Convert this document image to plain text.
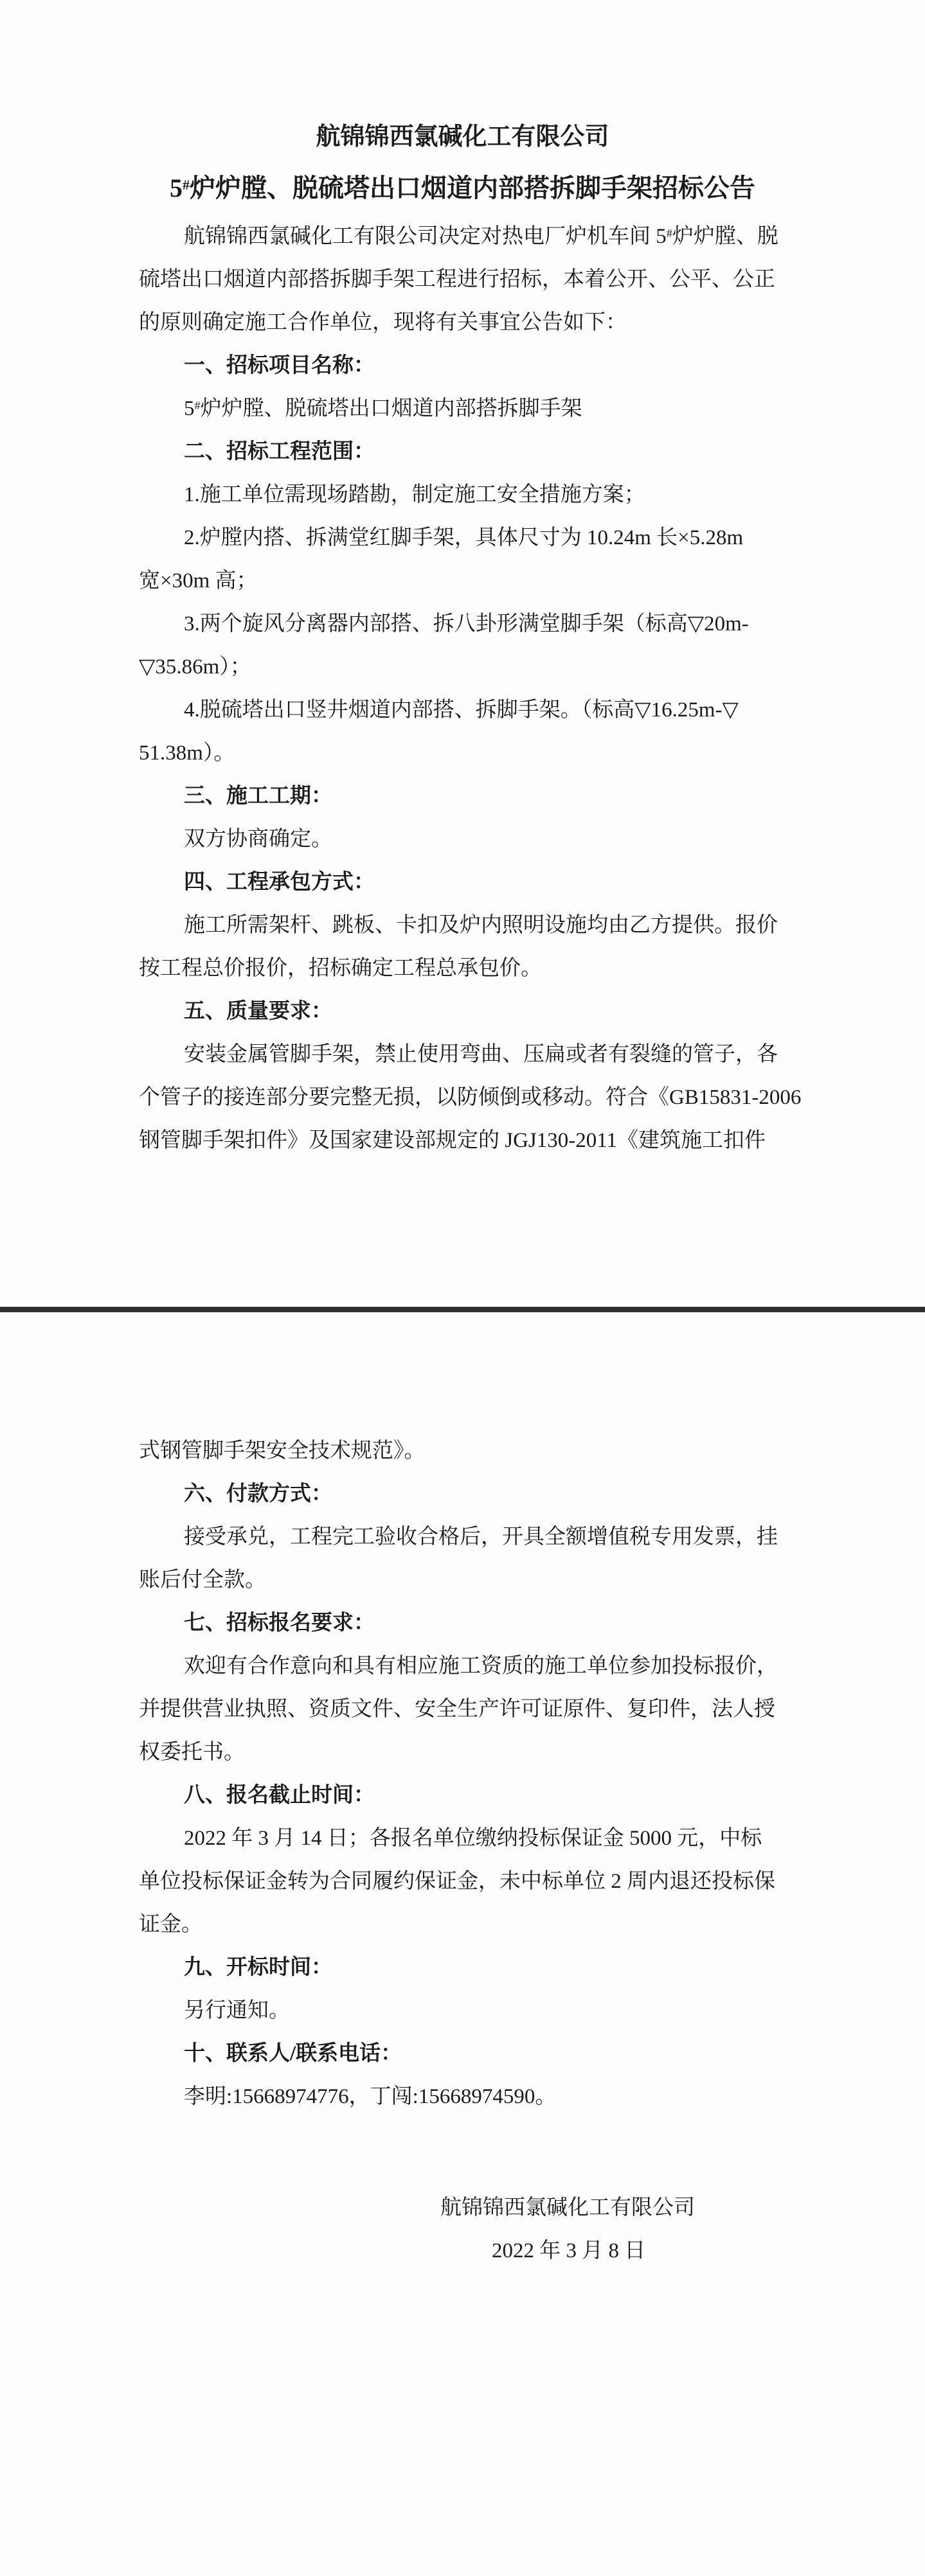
航锦锦西氯碱化工有限公司
5#炉炉膛、脱硫塔出口烟道内部搭拆脚手架招标公告
航锦锦西氯碱化工有限公司决定对热电厂炉机车间 5#炉炉膛、脱
硫塔出口烟道内部搭拆脚手架工程进行招标，本着公开、公平、公正
的原则确定施工合作单位，现将有关事宜公告如下：
一、招标项目名称：
5#炉炉膛、脱硫塔出口烟道内部搭拆脚手架
二、招标工程范围：
1.施工单位需现场踏勘，制定施工安全措施方案；
2.炉膛内搭、拆满堂红脚手架，具体尺寸为 10.24m 长×5.28m
宽×30m 高；
3.两个旋风分离器内部搭、拆八卦形满堂脚手架（标高▽20m-
▽35.86m）；
4.脱硫塔出口竖井烟道内部搭、拆脚手架。（标高▽16.25m-▽
51.38m）。
三、施工工期：
双方协商确定。
四、工程承包方式：
施工所需架杆、跳板、卡扣及炉内照明设施均由乙方提供。报价
按工程总价报价，招标确定工程总承包价。
五、质量要求：
安装金属管脚手架，禁止使用弯曲、压扁或者有裂缝的管子，各
个管子的接连部分要完整无损，以防倾倒或移动。符合《GB15831-2006
钢管脚手架扣件》及国家建设部规定的 JGJ130-2011《建筑施工扣件
式钢管脚手架安全技术规范》。
六、付款方式：
接受承兑，工程完工验收合格后，开具全额增值税专用发票，挂
账后付全款。
七、招标报名要求：
欢迎有合作意向和具有相应施工资质的施工单位参加投标报价，
并提供营业执照、资质文件、安全生产许可证原件、复印件，法人授
权委托书。
八、报名截止时间：
2022 年 3 月 14 日；各报名单位缴纳投标保证金 5000 元，中标
单位投标保证金转为合同履约保证金，未中标单位 2 周内退还投标保
证金。
九、开标时间：
另行通知。
十、联系人/联系电话：
李明:15668974776，丁闯:15668974590。
航锦锦西氯碱化工有限公司
2022 年 3 月 8 日
